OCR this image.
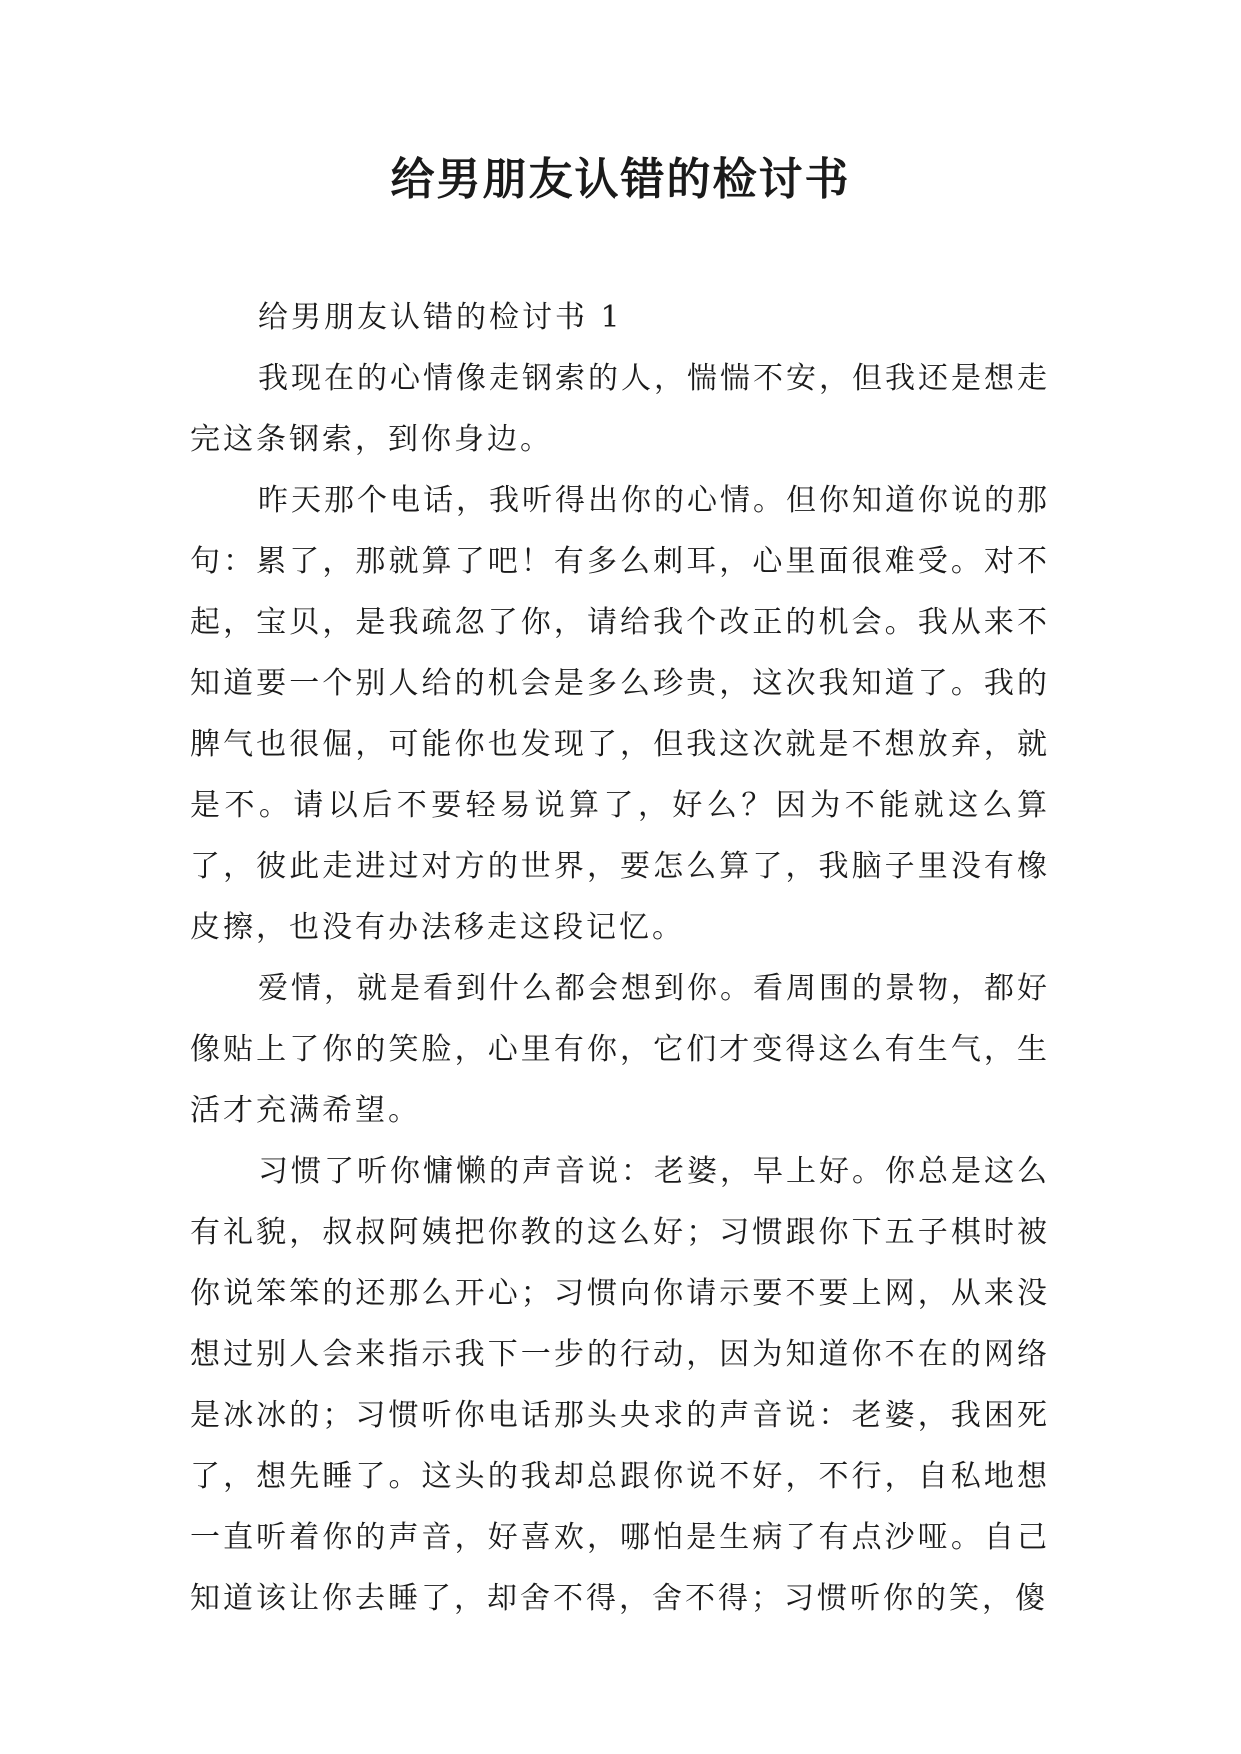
给男朋友认错的检讨书

给男朋友认错的检讨书 1

我现在的心情像走钢索的人，惴惴不安，但我还是想走完这条钢索，到你身边。

昨天那个电话，我听得出你的心情。但你知道你说的那句：累了，那就算了吧！有多么刺耳，心里面很难受。对不起，宝贝，是我疏忽了你，请给我个改正的机会。我从来不知道要一个别人给的机会是多么珍贵，这次我知道了。我的脾气也很倔，可能你也发现了，但我这次就是不想放弃，就是不。请以后不要轻易说算了，好么？因为不能就这么算了，彼此走进过对方的世界，要怎么算了，我脑子里没有橡皮擦，也没有办法移走这段记忆。

爱情，就是看到什么都会想到你。看周围的景物，都好像贴上了你的笑脸，心里有你，它们才变得这么有生气，生活才充满希望。

习惯了听你慵懒的声音说：老婆，早上好。你总是这么有礼貌，叔叔阿姨把你教的这么好；习惯跟你下五子棋时被你说笨笨的还那么开心；习惯向你请示要不要上网，从来没想过别人会来指示我下一步的行动，因为知道你不在的网络是冰冰的；习惯听你电话那头央求的声音说：老婆，我困死了，想先睡了。这头的我却总跟你说不好，不行，自私地想一直听着你的声音，好喜欢，哪怕是生病了有点沙哑。自己知道该让你去睡了，却舍不得，舍不得；习惯听你的笑，傻
